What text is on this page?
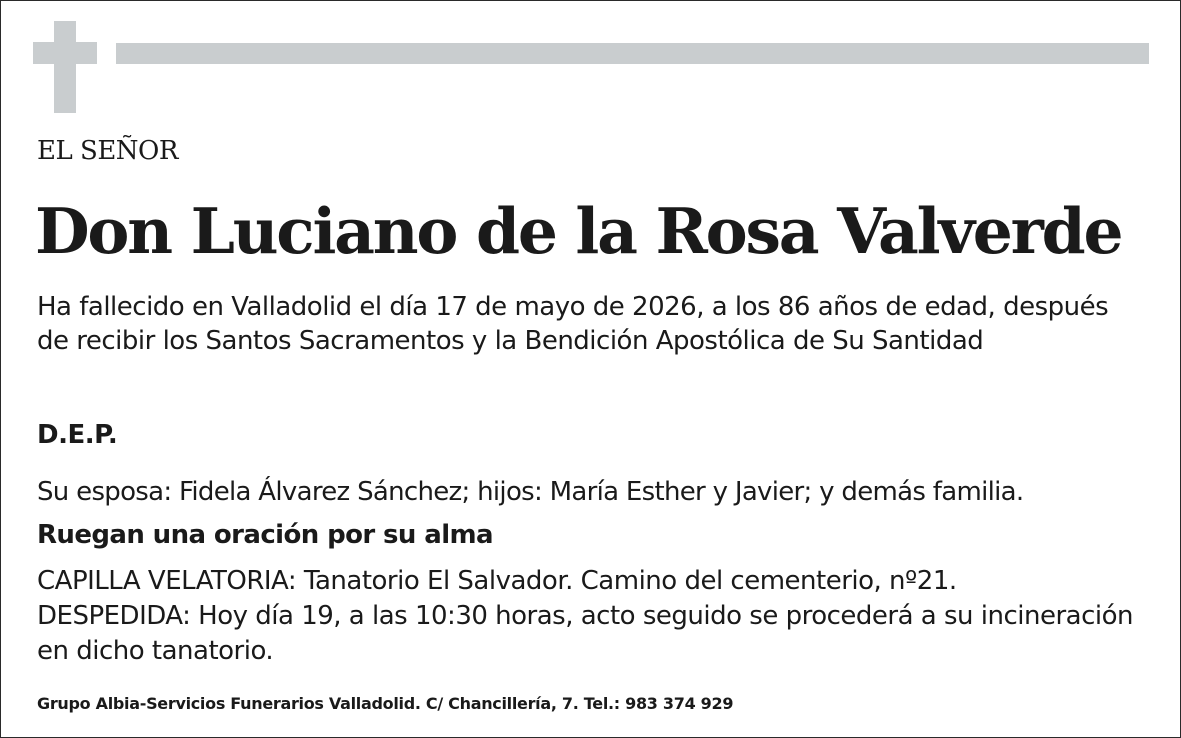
EL SEÑOR
Don Luciano de la Rosa Valverde
Ha fallecido en Valladolid el día 17 de mayo de 2026, a los 86 años de edad, después de recibir los Santos Sacramentos y la Bendición Apostólica de Su Santidad
D.E.P.
Su esposa: Fidela Álvarez Sánchez; hijos: María Esther y Javier; y demás familia.
Ruegan una oración por su alma
CAPILLA VELATORIA: Tanatorio El Salvador. Camino del cementerio, nº21.
DESPEDIDA: Hoy día 19, a las 10:30 horas, acto seguido se procederá a su incineración en dicho tanatorio.
Grupo Albia-Servicios Funerarios Valladolid. C/ Chancillería, 7. Tel.: 983 374 929
